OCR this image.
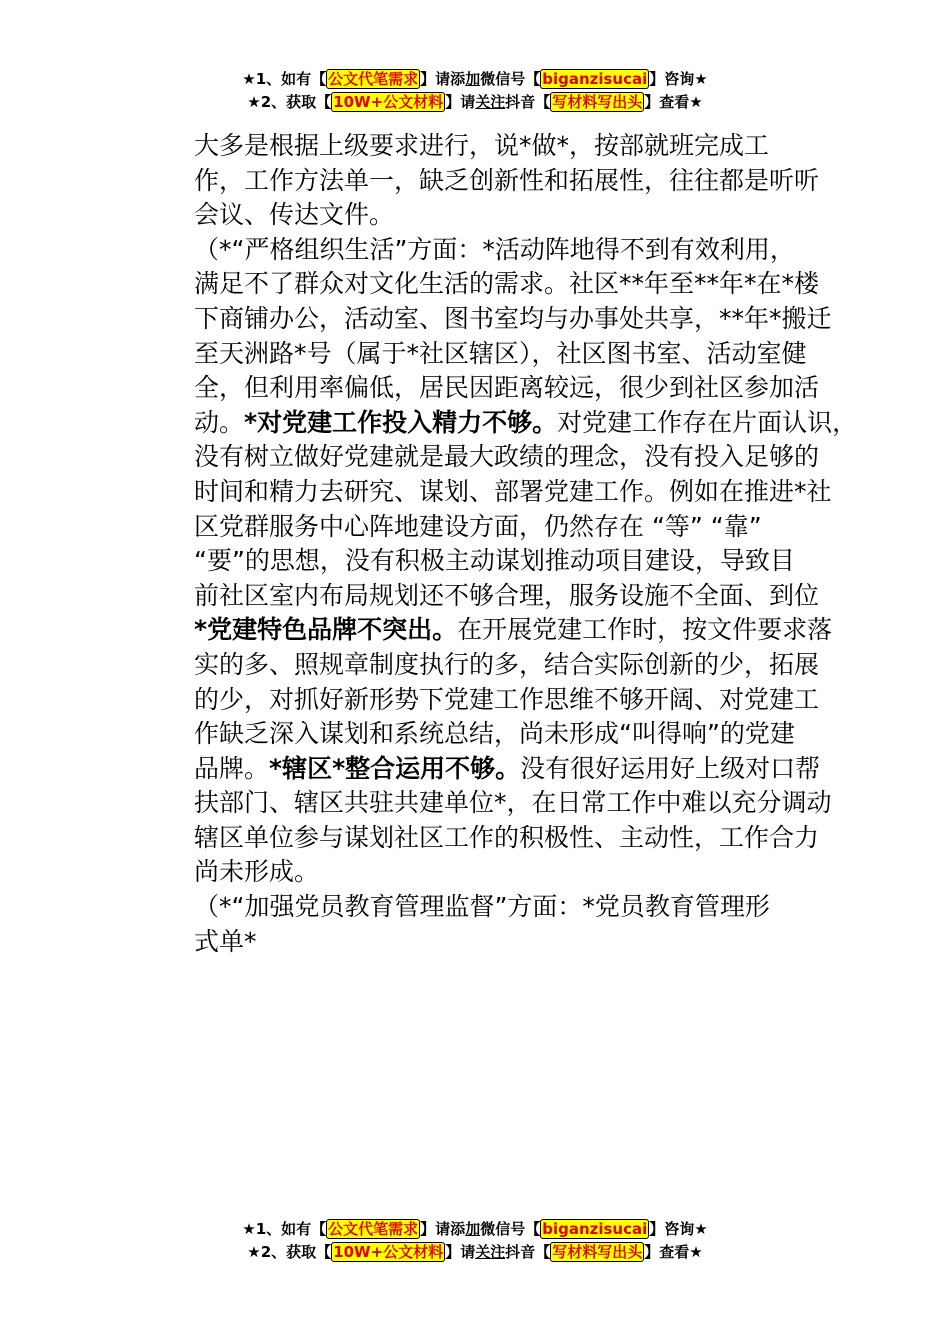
★1、如有【 公文代笔需求 】请添加微信号【 biganzisucai 】咨询★
★2、获取【 10W+公文材料 】请关注抖音【 写材料写出头 】查看★

大多是根据上级要求进行，说*做*，按部就班完成工
作，工作方法单一，缺乏创新性和拓展性，往往都是听听
会议、传达文件。

（*“严格组织生活”方面：*活动阵地得不到有效利用，
满足不了群众对文化生活的需求。社区**年至**年*在*楼
下商铺办公，活动室、图书室均与办事处共享，**年*搬迁
至天洲路*号（属于*社区辖区），社区图书室、活动室健
全，但利用率偏低，居民因距离较远，很少到社区参加活
动。*对党建工作投入精力不够。对党建工作存在片面认识，
没有树立做好党建就是最大政绩的理念，没有投入足够的
时间和精力去研究、谋划、部署党建工作。例如在推进*社
区党群服务中心阵地建设方面，仍然存在 “等” “靠”
“要”的思想，没有积极主动谋划推动项目建设，导致目
前社区室内布局规划还不够合理，服务设施不全面、到位
*党建特色品牌不突出。在开展党建工作时，按文件要求落
实的多、照规章制度执行的多，结合实际创新的少，拓展
的少，对抓好新形势下党建工作思维不够开阔、对党建工
作缺乏深入谋划和系统总结，尚未形成“叫得响”的党建
品牌。*辖区*整合运用不够。没有很好运用好上级对口帮
扶部门、辖区共驻共建单位*，在日常工作中难以充分调动
辖区单位参与谋划社区工作的积极性、主动性，工作合力
尚未形成。

（*“加强党员教育管理监督”方面：*党员教育管理形
式单*

★1、如有【 公文代笔需求 】请添加微信号【 biganzisucai 】咨询★
★2、获取【 10W+公文材料 】请关注抖音【 写材料写出头 】查看★
